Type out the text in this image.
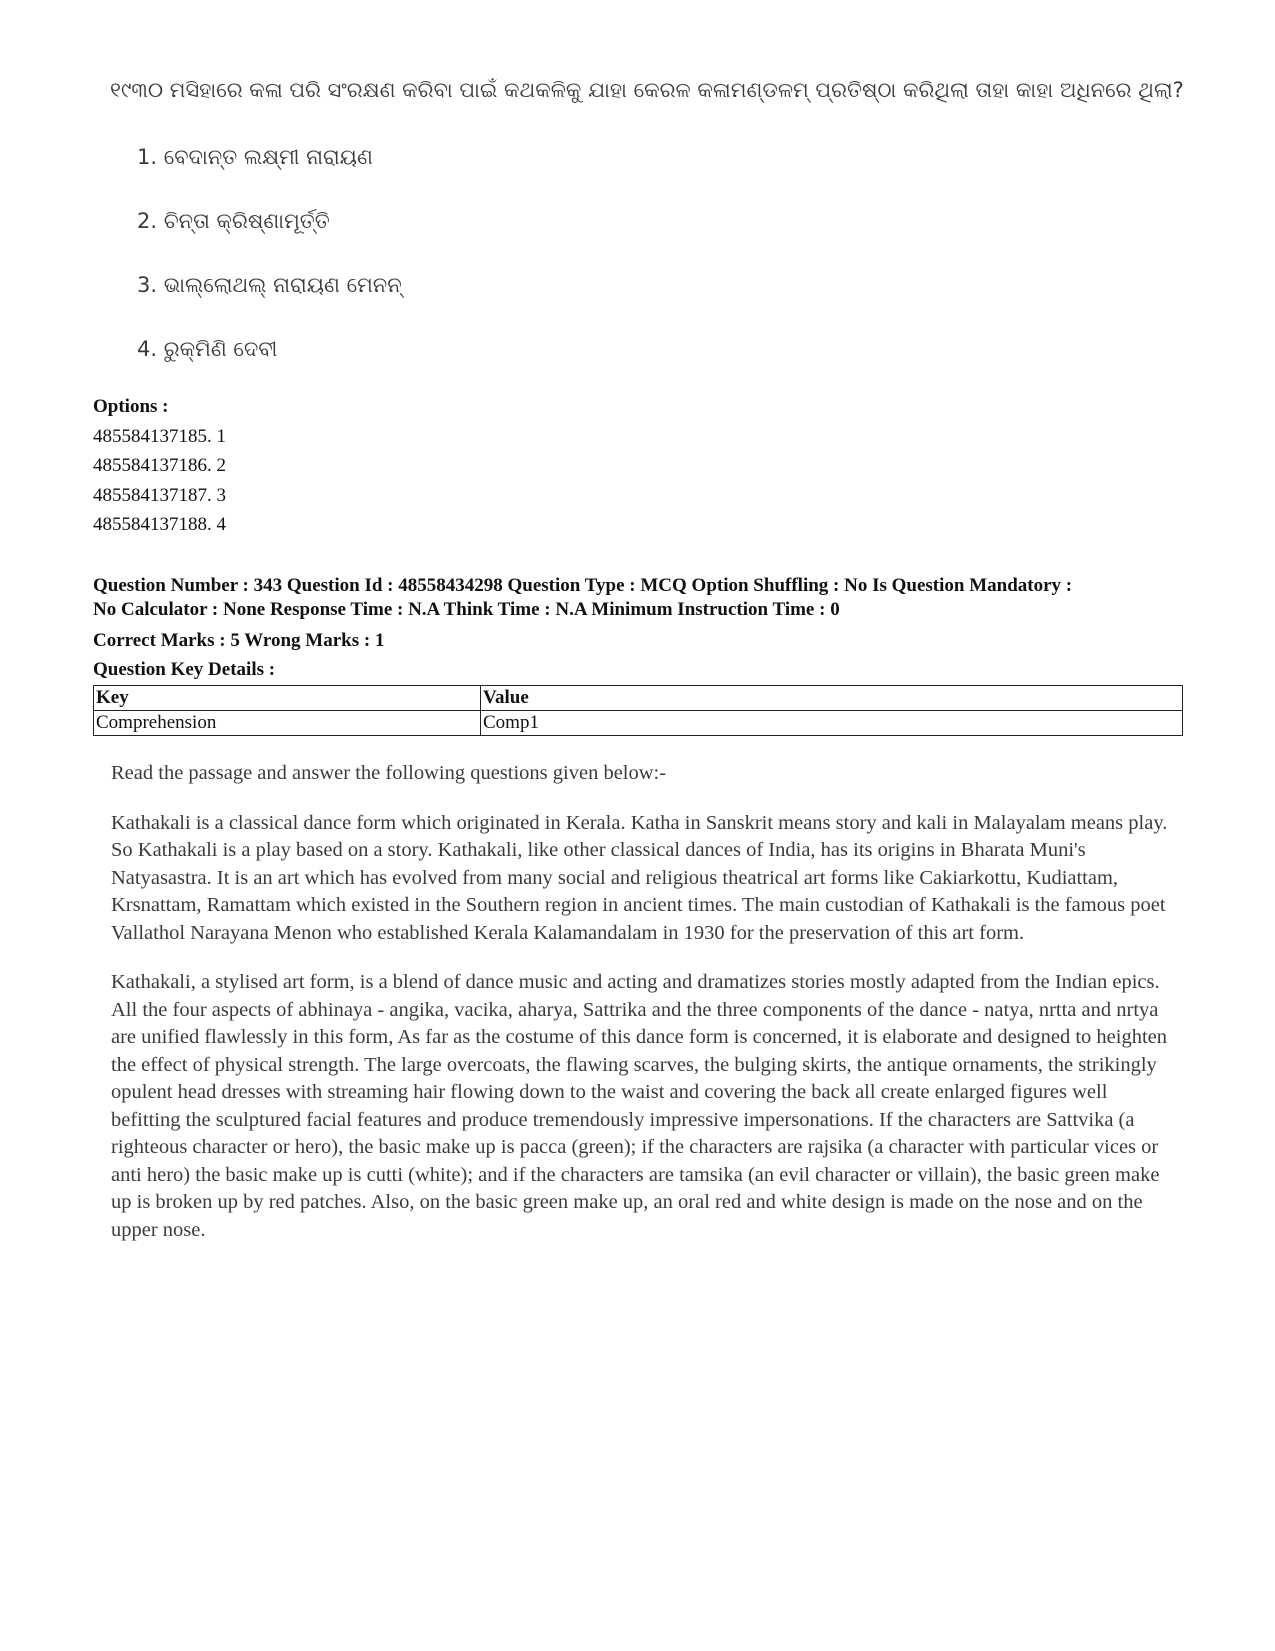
୧୯୩୦ ମସିହାରେ କଳା ପରି ସଂରକ୍ଷଣ କରିବା ପାଇଁ କଥକଳିକୁ ଯାହା କେରଳ କଳାମଣ୍ଡଳମ୍ ପ୍ରତିଷ୍ଠା କରିଥିଲା ତାହା କାହା ଅଧିନରେ ଥିଲା?
1. ବେଦାନ୍ତ ଲକ୍ଷ୍ମୀ ନାରାୟଣ
2. ଚିନ୍ତା କ୍ରିଷ୍ଣାମୂର୍ତ୍ତି
3. ଭାଲ୍ଲୋଥଲ୍ ନାରାୟଣ ମେନନ୍
4. ରୁକ୍ମିଣି ଦେବୀ
Options :
485584137185. 1
485584137186. 2
485584137187. 3
485584137188. 4
Question Number : 343 Question Id : 48558434298 Question Type : MCQ Option Shuffling : No Is Question Mandatory :
No Calculator : None Response Time : N.A Think Time : N.A Minimum Instruction Time : 0
Correct Marks : 5 Wrong Marks : 1
Question Key Details :
Key	Value
Comprehension	Comp1

Read the passage and answer the following questions given below:-

Kathakali is a classical dance form which originated in Kerala. Katha in Sanskrit means story and kali in Malayalam means play. So Kathakali is a play based on a story. Kathakali, like other classical dances of India, has its origins in Bharata Muni's Natyasastra. It is an art which has evolved from many social and religious theatrical art forms like Cakiarkottu, Kudiattam, Krsnattam, Ramattam which existed in the Southern region in ancient times. The main custodian of Kathakali is the famous poet Vallathol Narayana Menon who established Kerala Kalamandalam in 1930 for the preservation of this art form.

Kathakali, a stylised art form, is a blend of dance music and acting and dramatizes stories mostly adapted from the Indian epics. All the four aspects of abhinaya - angika, vacika, aharya, Sattrika and the three components of the dance - natya, nrtta and nrtya are unified flawlessly in this form, As far as the costume of this dance form is concerned, it is elaborate and designed to heighten the effect of physical strength. The large overcoats, the flawing scarves, the bulging skirts, the antique ornaments, the strikingly opulent head dresses with streaming hair flowing down to the waist and covering the back all create enlarged figures well befitting the sculptured facial features and produce tremendously impressive impersonations. If the characters are Sattvika (a righteous character or hero), the basic make up is pacca (green); if the characters are rajsika (a character with particular vices or anti hero) the basic make up is cutti (white); and if the characters are tamsika (an evil character or villain), the basic green make up is broken up by red patches. Also, on the basic green make up, an oral red and white design is made on the nose and on the upper nose.
